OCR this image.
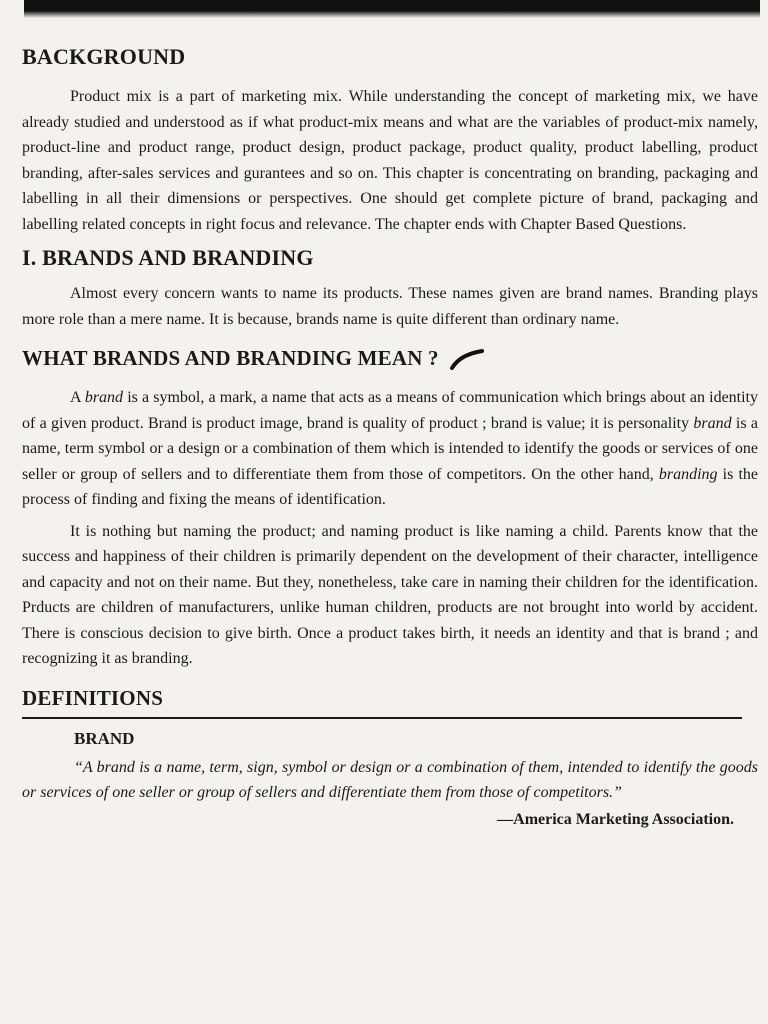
BACKGROUND

Product mix is a part of marketing mix. While understanding the concept of marketing mix, we have already studied and understood as if what product-mix means and what are the variables of product-mix namely, product-line and product range, product design, product package, product quality, product labelling, product branding, after-sales services and gurantees and so on. This chapter is concentrating on branding, packaging and labelling in all their dimensions or perspectives. One should get complete picture of brand, packaging and labelling related concepts in right focus and relevance. The chapter ends with Chapter Based Questions.

I. BRANDS AND BRANDING

Almost every concern wants to name its products. These names given are brand names. Branding plays more role than a mere name. It is because, brands name is quite different than ordinary name.

WHAT BRANDS AND BRANDING MEAN ?

A brand is a symbol, a mark, a name that acts as a means of communication which brings about an identity of a given product. Brand is product image, brand is quality of product ; brand is value; it is personality brand is a name, term symbol or a design or a combination of them which is intended to identify the goods or services of one seller or group of sellers and to differentiate them from those of competitors. On the other hand, branding is the process of finding and fixing the means of identification.

It is nothing but naming the product; and naming product is like naming a child. Parents know that the success and happiness of their children is primarily dependent on the development of their character, intelligence and capacity and not on their name. But they, nonetheless, take care in naming their children for the identification. Prducts are children of manufacturers, unlike human children, products are not brought into world by accident. There is conscious decision to give birth. Once a product takes birth, it needs an identity and that is brand ; and recognizing it as branding.

DEFINITIONS
BRAND

“A brand is a name, term, sign, symbol or design or a combination of them, intended to identify the goods or services of one seller or group of sellers and differentiate them from those of competitors.”

—America Marketing Association.
